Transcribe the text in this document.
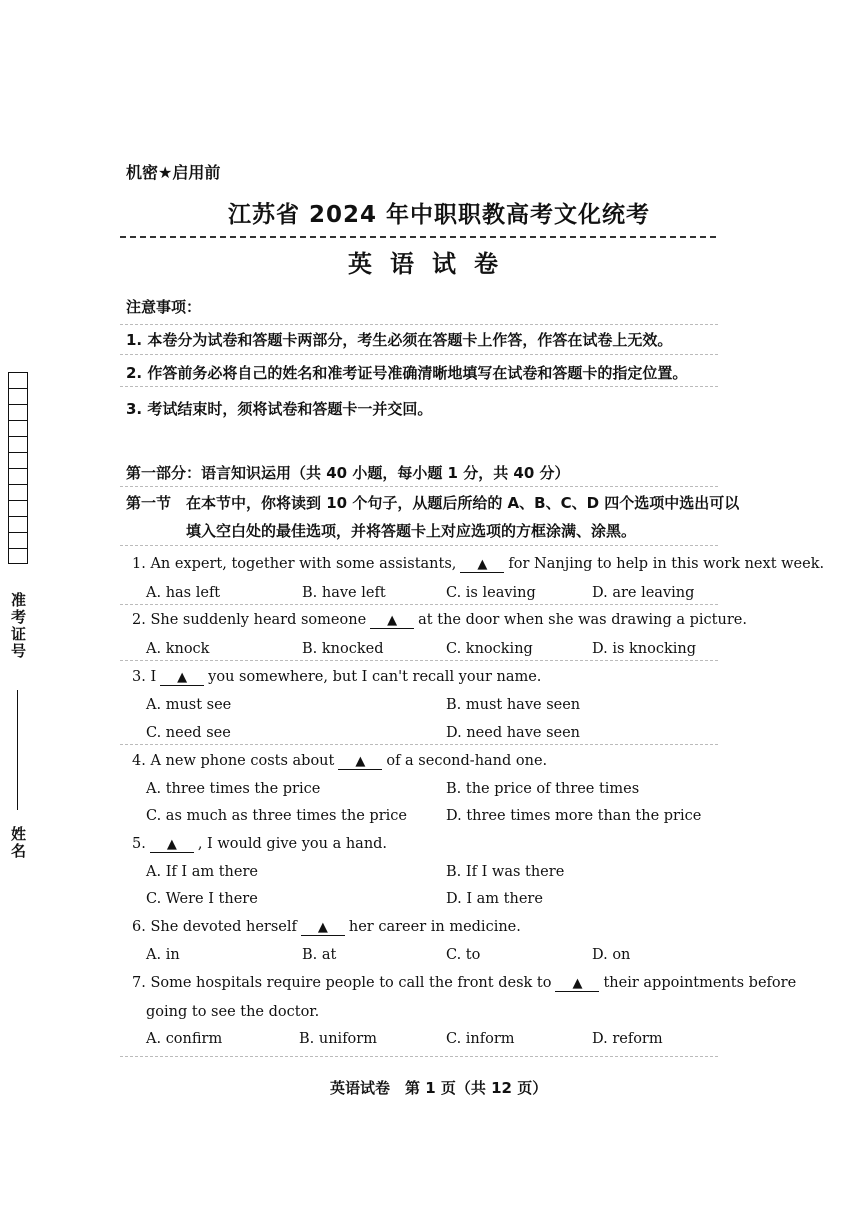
准考证号
姓名
机密★启用前
江苏省 2024 年中职职教高考文化统考
英语试卷
注意事项：
1. 本卷分为试卷和答题卡两部分，考生必须在答题卡上作答，作答在试卷上无效。
2. 作答前务必将自己的姓名和准考证号准确清晰地填写在试卷和答题卡的指定位置。
3. 考试结束时，须将试卷和答题卡一并交回。
第一部分：语言知识运用（共 40 小题，每小题 1 分，共 40 分）
第一节 在本节中，你将读到 10 个句子，从题后所给的 A、B、C、D 四个选项中选出可以
填入空白处的最佳选项，并将答题卡上对应选项的方框涂满、涂黑。
1. An expert, together with some assistants, ▲ for Nanjing to help in this work next week.
A. has left	B. have left	C. is leaving	D. are leaving
2. She suddenly heard someone ▲ at the door when she was drawing a picture.
A. knock	B. knocked	C. knocking	D. is knocking
3. I ▲ you somewhere, but I can't recall your name.
A. must see	B. must have seen
C. need see	D. need have seen
4. A new phone costs about ▲ of a second-hand one.
A. three times the price	B. the price of three times
C. as much as three times the price	D. three times more than the price
5. ▲ , I would give you a hand.
A. If I am there	B. If I was there
C. Were I there	D. I am there
6. She devoted herself ▲ her career in medicine.
A. in	B. at	C. to	D. on
7. Some hospitals require people to call the front desk to ▲ their appointments before
going to see the doctor.
A. confirm	B. uniform	C. inform	D. reform
英语试卷　第 1 页（共 12 页）
